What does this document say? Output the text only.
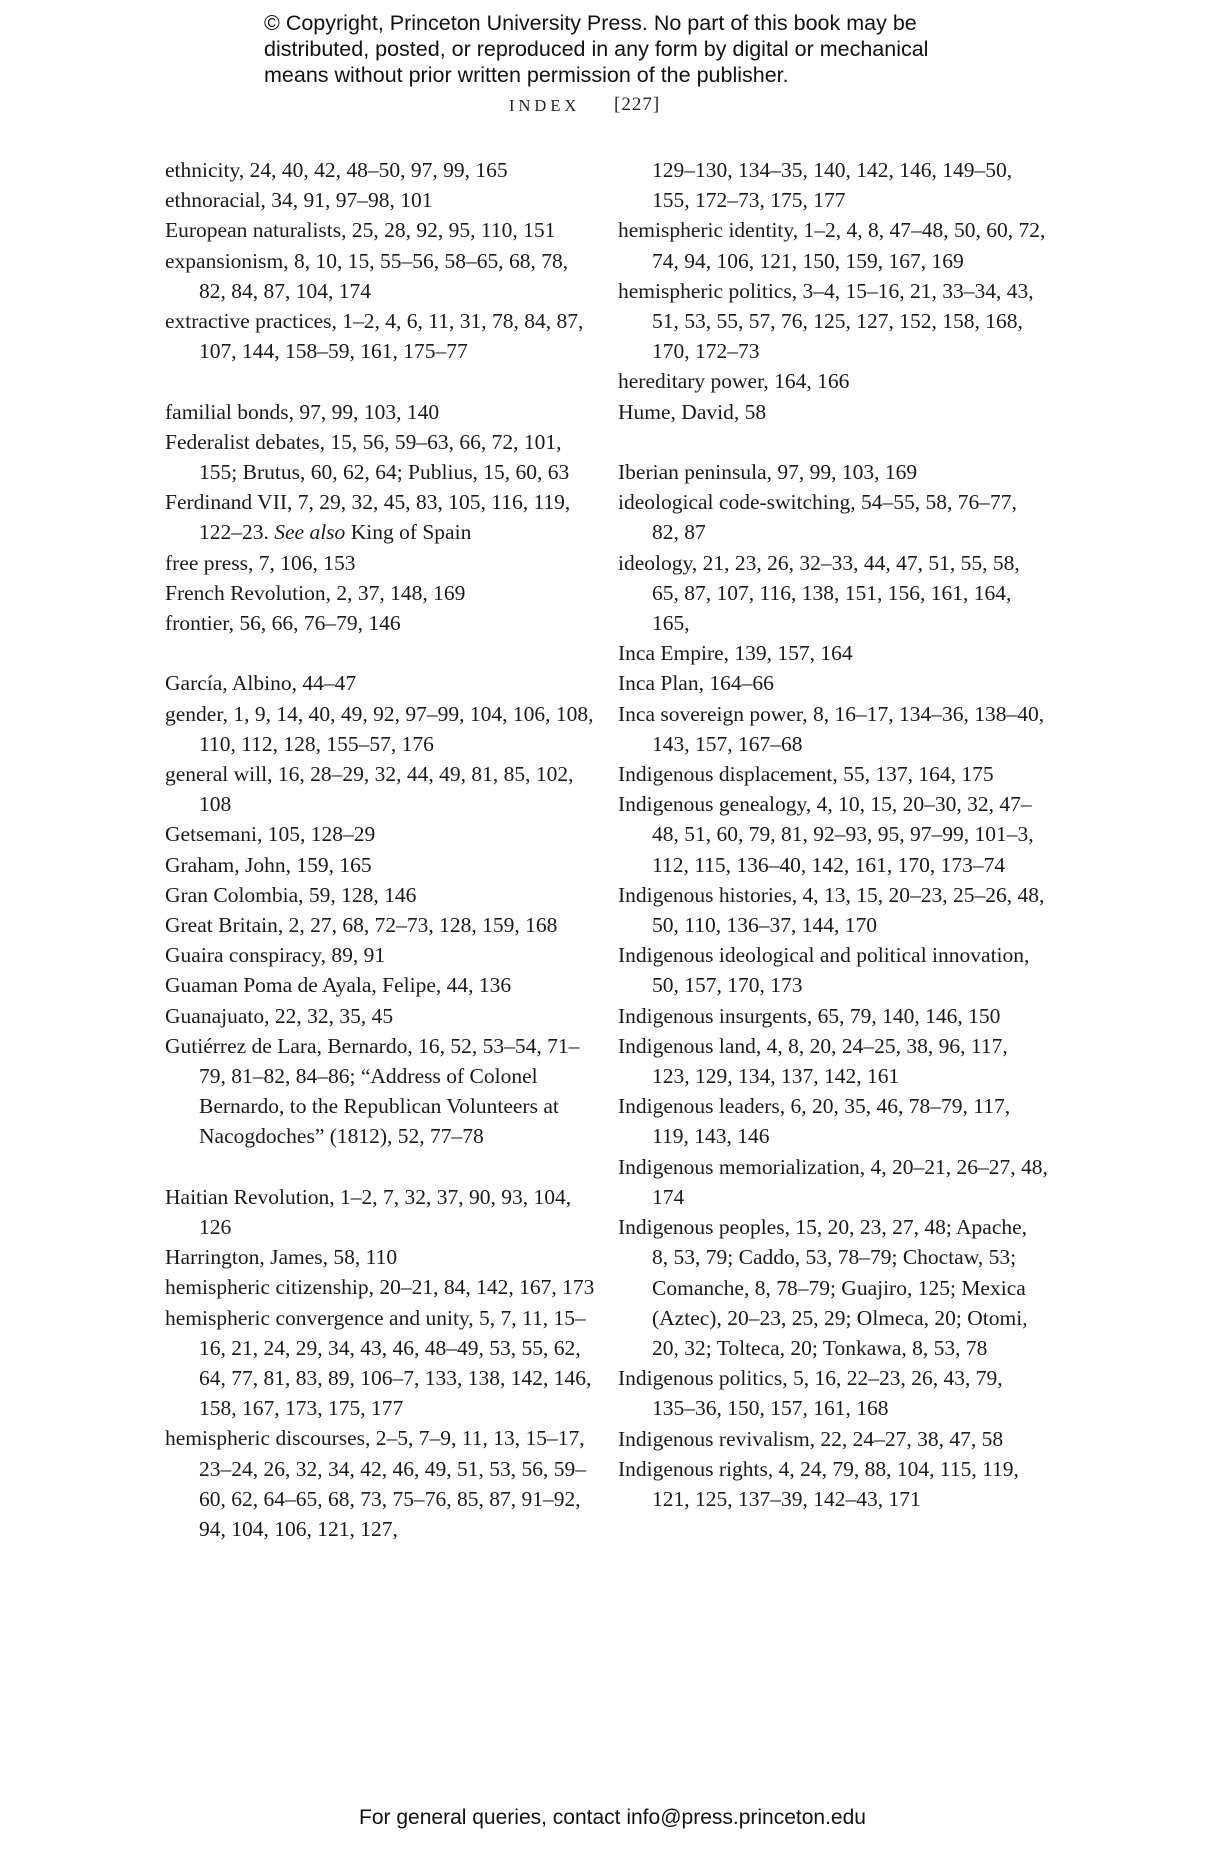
© Copyright, Princeton University Press. No part of this book may be
distributed, posted, or reproduced in any form by digital or mechanical
means without prior written permission of the publisher.
INDEX [227]
ethnicity, 24, 40, 42, 48–50, 97, 99, 165
ethnoracial, 34, 91, 97–98, 101
European naturalists, 25, 28, 92, 95, 110, 151
expansionism, 8, 10, 15, 55–56, 58–65, 68, 78, 82, 84, 87, 104, 174
extractive practices, 1–2, 4, 6, 11, 31, 78, 84, 87, 107, 144, 158–59, 161, 175–77
familial bonds, 97, 99, 103, 140
Federalist debates, 15, 56, 59–63, 66, 72, 101, 155; Brutus, 60, 62, 64; Publius, 15, 60, 63
Ferdinand VII, 7, 29, 32, 45, 83, 105, 116, 119, 122–23. See also King of Spain
free press, 7, 106, 153
French Revolution, 2, 37, 148, 169
frontier, 56, 66, 76–79, 146
García, Albino, 44–47
gender, 1, 9, 14, 40, 49, 92, 97–99, 104, 106, 108, 110, 112, 128, 155–57, 176
general will, 16, 28–29, 32, 44, 49, 81, 85, 102, 108
Getsemani, 105, 128–29
Graham, John, 159, 165
Gran Colombia, 59, 128, 146
Great Britain, 2, 27, 68, 72–73, 128, 159, 168
Guaira conspiracy, 89, 91
Guaman Poma de Ayala, Felipe, 44, 136
Guanajuato, 22, 32, 35, 45
Gutiérrez de Lara, Bernardo, 16, 52, 53–54, 71–79, 81–82, 84–86; “Address of Colonel Bernardo, to the Republican Volunteers at Nacogdoches” (1812), 52, 77–78
Haitian Revolution, 1–2, 7, 32, 37, 90, 93, 104, 126
Harrington, James, 58, 110
hemispheric citizenship, 20–21, 84, 142, 167, 173
hemispheric convergence and unity, 5, 7, 11, 15–16, 21, 24, 29, 34, 43, 46, 48–49, 53, 55, 62, 64, 77, 81, 83, 89, 106–7, 133, 138, 142, 146, 158, 167, 173, 175, 177
hemispheric discourses, 2–5, 7–9, 11, 13, 15–17, 23–24, 26, 32, 34, 42, 46, 49, 51, 53, 56, 59–60, 62, 64–65, 68, 73, 75–76, 85, 87, 91–92, 94, 104, 106, 121, 127,
129–130, 134–35, 140, 142, 146, 149–50, 155, 172–73, 175, 177
hemispheric identity, 1–2, 4, 8, 47–48, 50, 60, 72, 74, 94, 106, 121, 150, 159, 167, 169
hemispheric politics, 3–4, 15–16, 21, 33–34, 43, 51, 53, 55, 57, 76, 125, 127, 152, 158, 168, 170, 172–73
hereditary power, 164, 166
Hume, David, 58
Iberian peninsula, 97, 99, 103, 169
ideological code-switching, 54–55, 58, 76–77, 82, 87
ideology, 21, 23, 26, 32–33, 44, 47, 51, 55, 58, 65, 87, 107, 116, 138, 151, 156, 161, 164, 165,
Inca Empire, 139, 157, 164
Inca Plan, 164–66
Inca sovereign power, 8, 16–17, 134–36, 138–40, 143, 157, 167–68
Indigenous displacement, 55, 137, 164, 175
Indigenous genealogy, 4, 10, 15, 20–30, 32, 47–48, 51, 60, 79, 81, 92–93, 95, 97–99, 101–3, 112, 115, 136–40, 142, 161, 170, 173–74
Indigenous histories, 4, 13, 15, 20–23, 25–26, 48, 50, 110, 136–37, 144, 170
Indigenous ideological and political innovation, 50, 157, 170, 173
Indigenous insurgents, 65, 79, 140, 146, 150
Indigenous land, 4, 8, 20, 24–25, 38, 96, 117, 123, 129, 134, 137, 142, 161
Indigenous leaders, 6, 20, 35, 46, 78–79, 117, 119, 143, 146
Indigenous memorialization, 4, 20–21, 26–27, 48, 174
Indigenous peoples, 15, 20, 23, 27, 48; Apache, 8, 53, 79; Caddo, 53, 78–79; Choctaw, 53; Comanche, 8, 78–79; Guajiro, 125; Mexica (Aztec), 20–23, 25, 29; Olmeca, 20; Otomi, 20, 32; Tolteca, 20; Tonkawa, 8, 53, 78
Indigenous politics, 5, 16, 22–23, 26, 43, 79, 135–36, 150, 157, 161, 168
Indigenous revivalism, 22, 24–27, 38, 47, 58
Indigenous rights, 4, 24, 79, 88, 104, 115, 119, 121, 125, 137–39, 142–43, 171
For general queries, contact info@press.princeton.edu
